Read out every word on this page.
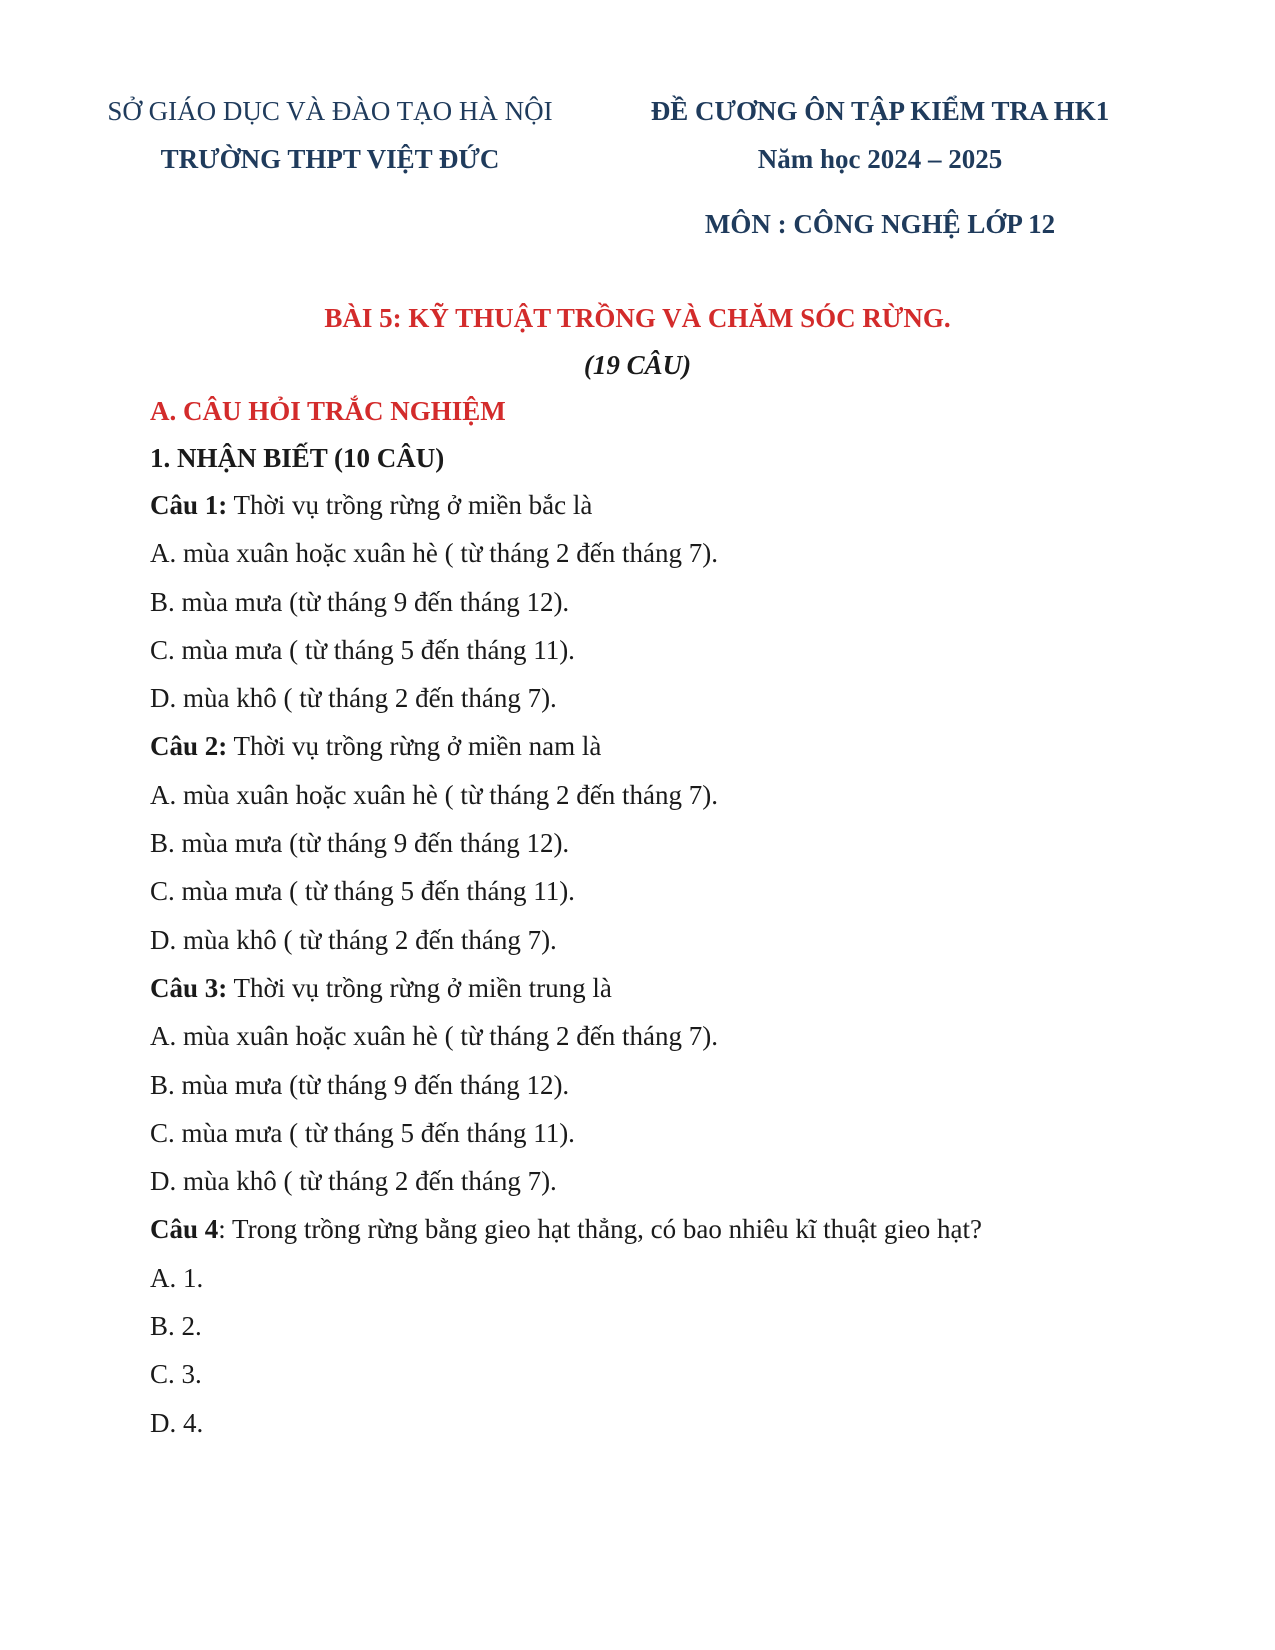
SỞ GIÁO DỤC VÀ ĐÀO TẠO HÀ NỘI
TRƯỜNG THPT VIỆT ĐỨC
ĐỀ CƯƠNG ÔN TẬP KIỂM TRA HK1
Năm học 2024 – 2025
MÔN : CÔNG NGHỆ LỚP 12
BÀI 5: KỸ THUẬT TRỒNG VÀ CHĂM SÓC RỪNG.
(19 CÂU)
A. CÂU HỎI TRẮC NGHIỆM
1. NHẬN BIẾT (10 CÂU)
Câu 1: Thời vụ trồng rừng ở miền bắc là
A. mùa xuân hoặc xuân hè ( từ tháng 2 đến tháng 7).
B. mùa mưa (từ tháng 9 đến tháng 12).
C. mùa mưa ( từ tháng 5 đến tháng 11).
D. mùa khô ( từ tháng 2 đến tháng 7).
Câu 2: Thời vụ trồng rừng ở miền nam là
A. mùa xuân hoặc xuân hè ( từ tháng 2 đến tháng 7).
B. mùa mưa (từ tháng 9 đến tháng 12).
C. mùa mưa ( từ tháng 5 đến tháng 11).
D. mùa khô ( từ tháng 2 đến tháng 7).
Câu 3: Thời vụ trồng rừng ở miền trung là
A. mùa xuân hoặc xuân hè ( từ tháng 2 đến tháng 7).
B. mùa mưa (từ tháng 9 đến tháng 12).
C. mùa mưa ( từ tháng 5 đến tháng 11).
D. mùa khô ( từ tháng 2 đến tháng 7).
Câu 4: Trong trồng rừng bằng gieo hạt thẳng, có bao nhiêu kĩ thuật gieo hạt?
A. 1.
B. 2.
C. 3.
D. 4.
